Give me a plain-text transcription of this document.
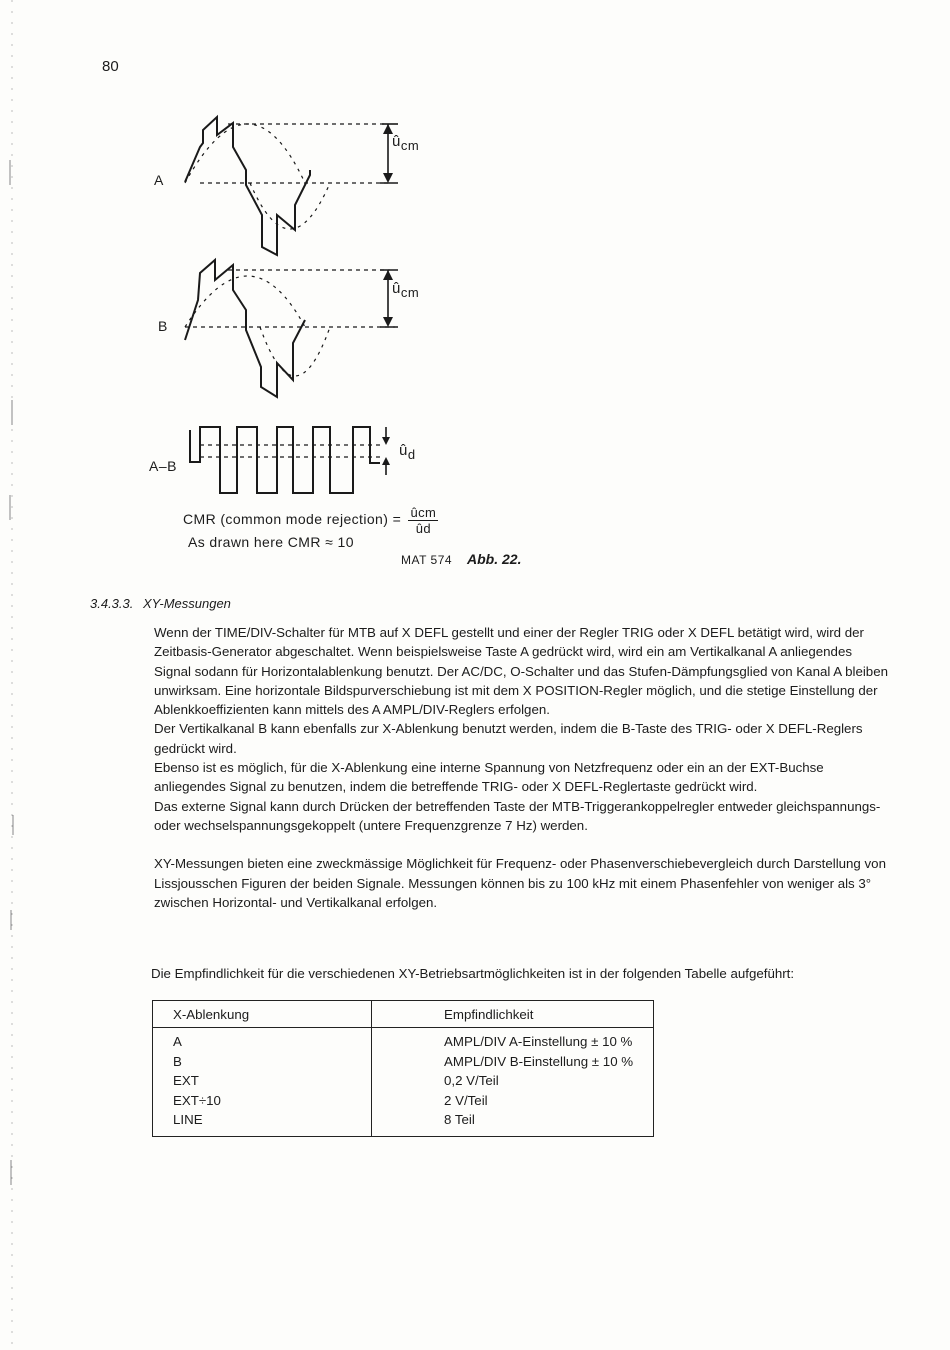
80
A
B
A–B
$û_{cm}$
$û_{cm}$
$û_d$
CMR (common mode rejection) = ûcm
ûd
As drawn here CMR ≈ 10
MAT 574 Abb. 22.
3.4.3.3. XY-Messungen

Wenn der TIME/DIV-Schalter für MTB auf X DEFL gestellt und einer der Regler TRIG oder X DEFL betätigt wird, wird der Zeitbasis-Generator abgeschaltet. Wenn beispielsweise Taste A gedrückt wird, wird ein am Vertikalkanal A anliegendes Signal sodann für Horizontalablenkung benutzt. Der AC/DC, O-Schalter und das Stufen-Dämpfungsglied von Kanal A bleiben unwirksam. Eine horizontale Bildspurverschiebung ist mit dem X POSITION-Regler möglich, und die stetige Einstellung der Ablenkkoeffizienten kann mittels des A AMPL/DIV-Reglers erfolgen.

Der Vertikalkanal B kann ebenfalls zur X-Ablenkung benutzt werden, indem die B-Taste des TRIG- oder X DEFL-Reglers gedrückt wird.

Ebenso ist es möglich, für die X-Ablenkung eine interne Spannung von Netzfrequenz oder ein an der EXT-Buchse anliegendes Signal zu benutzen, indem die betreffende TRIG- oder X DEFL-Reglertaste gedrückt wird.

Das externe Signal kann durch Drücken der betreffenden Taste der MTB-Triggerankoppelregler entweder gleichspannungs- oder wechselspannungsgekoppelt (untere Frequenzgrenze 7 Hz) werden.

XY-Messungen bieten eine zweckmässige Möglichkeit für Frequenz- oder Phasenverschiebevergleich durch Darstellung von Lissjousschen Figuren der beiden Signale. Messungen können bis zu 100 kHz mit einem Phasenfehler von weniger als 3° zwischen Horizontal- und Vertikalkanal erfolgen.

Die Empfindlichkeit für die verschiedenen XY-Betriebsartmöglichkeiten ist in der folgenden Tabelle aufgeführt:
X-Ablenkung	Empfindlichkeit
A	AMPL/DIV A-Einstellung ± 10 %
B	AMPL/DIV B-Einstellung ± 10 %
EXT	0,2 V/Teil
EXT÷10	2 V/Teil
LINE	8 Teil
